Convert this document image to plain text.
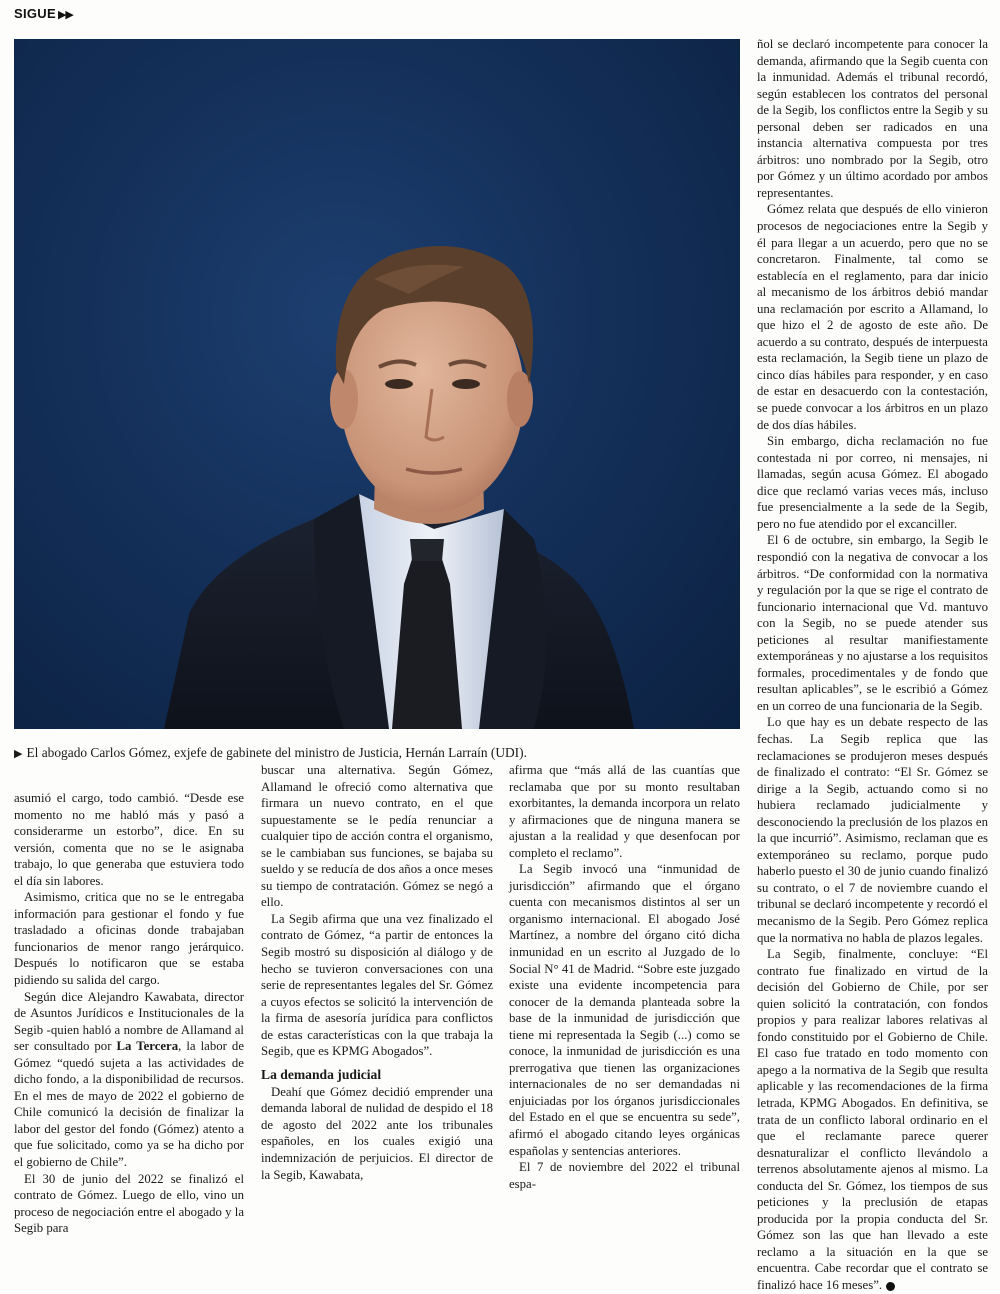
SIGUE ▶▶
▶ El abogado Carlos Gómez, exjefe de gabinete del ministro de Justicia, Hernán Larraín (UDI).

asumió el cargo, todo cambió. “Desde ese momento no me habló más y pasó a considerarme un estorbo”, dice. En su versión, comenta que no se le asignaba trabajo, lo que generaba que estuviera todo el día sin labores.

Asimismo, critica que no se le entregaba información para gestionar el fondo y fue trasladado a oficinas donde trabajaban funcionarios de menor rango jerárquico. Después lo notificaron que se estaba pidiendo su salida del cargo.

Según dice Alejandro Kawabata, director de Asuntos Jurídicos e Institucionales de la Segib -quien habló a nombre de Allamand al ser consultado por La Tercera, la labor de Gómez “quedó sujeta a las actividades de dicho fondo, a la disponibilidad de recursos. En el mes de mayo de 2022 el gobierno de Chile comunicó la decisión de finalizar la labor del gestor del fondo (Gómez) atento a que fue solicitado, como ya se ha dicho por el gobierno de Chile”.

El 30 de junio del 2022 se finalizó el contrato de Gómez. Luego de ello, vino un proceso de negociación entre el abogado y la Segib para

buscar una alternativa. Según Gómez, Allamand le ofreció como alternativa que firmara un nuevo contrato, en el que supuestamente se le pedía renunciar a cualquier tipo de acción contra el organismo, se le cambiaban sus funciones, se bajaba su sueldo y se reducía de dos años a once meses su tiempo de contratación. Gómez se negó a ello.

La Segib afirma que una vez finalizado el contrato de Gómez, “a partir de entonces la Segib mostró su disposición al diálogo y de hecho se tuvieron conversaciones con una serie de representantes legales del Sr. Gómez a cuyos efectos se solicitó la intervención de la firma de asesoría jurídica para conflictos de estas características con la que trabaja la Segib, que es KPMG Abogados”.

La demanda judicial

Deahí que Gómez decidió emprender una demanda laboral de nulidad de despido el 18 de agosto del 2022 ante los tribunales españoles, en los cuales exigió una indemnización de perjuicios. El director de la Segib, Kawabata,

afirma que “más allá de las cuantías que reclamaba que por su monto resultaban exorbitantes, la demanda incorpora un relato y afirmaciones que de ninguna manera se ajustan a la realidad y que desenfocan por completo el reclamo”.

La Segib invocó una “inmunidad de jurisdicción” afirmando que el órgano cuenta con mecanismos distintos al ser un organismo internacional. El abogado José Martínez, a nombre del órgano citó dicha inmunidad en un escrito al Juzgado de lo Social N° 41 de Madrid. “Sobre este juzgado existe una evidente incompetencia para conocer de la demanda planteada sobre la base de la inmunidad de jurisdicción que tiene mi representada la Segib (...) como se conoce, la inmunidad de jurisdicción es una prerrogativa que tienen las organizaciones internacionales de no ser demandadas ni enjuiciadas por los órganos jurisdiccionales del Estado en el que se encuentra su sede”, afirmó el abogado citando leyes orgánicas españolas y sentencias anteriores.

El 7 de noviembre del 2022 el tribunal espa-

ñol se declaró incompetente para conocer la demanda, afirmando que la Segib cuenta con la inmunidad. Además el tribunal recordó, según establecen los contratos del personal de la Segib, los conflictos entre la Segib y su personal deben ser radicados en una instancia alternativa compuesta por tres árbitros: uno nombrado por la Segib, otro por Gómez y un último acordado por ambos representantes.

Gómez relata que después de ello vinieron procesos de negociaciones entre la Segib y él para llegar a un acuerdo, pero que no se concretaron. Finalmente, tal como se establecía en el reglamento, para dar inicio al mecanismo de los árbitros debió mandar una reclamación por escrito a Allamand, lo que hizo el 2 de agosto de este año. De acuerdo a su contrato, después de interpuesta esta reclamación, la Segib tiene un plazo de cinco días hábiles para responder, y en caso de estar en desacuerdo con la contestación, se puede convocar a los árbitros en un plazo de dos días hábiles.

Sin embargo, dicha reclamación no fue contestada ni por correo, ni mensajes, ni llamadas, según acusa Gómez. El abogado dice que reclamó varias veces más, incluso fue presencialmente a la sede de la Segib, pero no fue atendido por el excanciller.

El 6 de octubre, sin embargo, la Segib le respondió con la negativa de convocar a los árbitros. “De conformidad con la normativa y regulación por la que se rige el contrato de funcionario internacional que Vd. mantuvo con la Segib, no se puede atender sus peticiones al resultar manifiestamente extemporáneas y no ajustarse a los requisitos formales, procedimentales y de fondo que resultan aplicables”, se le escribió a Gómez en un correo de una funcionaria de la Segib.

Lo que hay es un debate respecto de las fechas. La Segib replica que las reclamaciones se produjeron meses después de finalizado el contrato: “El Sr. Gómez se dirige a la Segib, actuando como si no hubiera reclamado judicialmente y desconociendo la preclusión de los plazos en la que incurrió”. Asimismo, reclaman que es extemporáneo su reclamo, porque pudo haberlo puesto el 30 de junio cuando finalizó su contrato, o el 7 de noviembre cuando el tribunal se declaró incompetente y recordó el mecanismo de la Segib. Pero Gómez replica que la normativa no habla de plazos legales.

La Segib, finalmente, concluye: “El contrato fue finalizado en virtud de la decisión del Gobierno de Chile, por ser quien solicitó la contratación, con fondos propios y para realizar labores relativas al fondo constituido por el Gobierno de Chile. El caso fue tratado en todo momento con apego a la normativa de la Segib que resulta aplicable y las recomendaciones de la firma letrada, KPMG Abogados. En definitiva, se trata de un conflicto laboral ordinario en el que el reclamante parece querer desnaturalizar el conflicto llevándolo a terrenos absolutamente ajenos al mismo. La conducta del Sr. Gómez, los tiempos de sus peticiones y la preclusión de etapas producida por la propia conducta del Sr. Gómez son las que han llevado a este reclamo a la situación en la que se encuentra. Cabe recordar que el contrato se finalizó hace 16 meses”.
